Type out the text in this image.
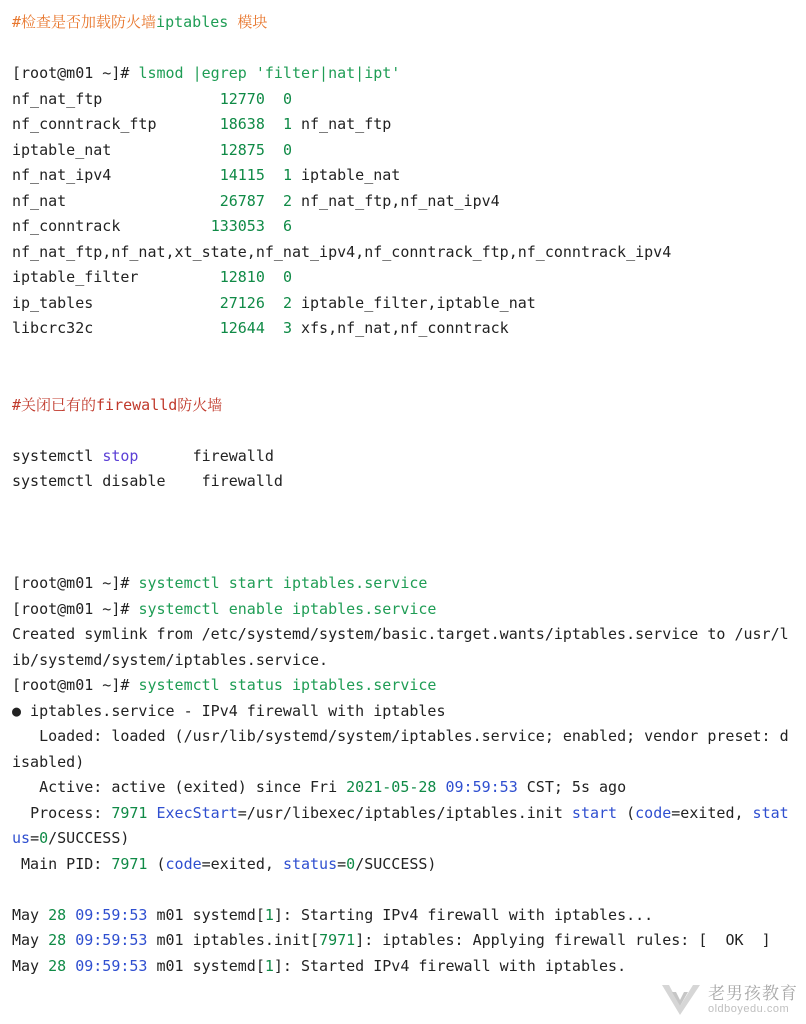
#检查是否加载防火墙iptables 模块

[root@m01 ~]# lsmod |egrep 'filter|nat|ipt'
nf_nat_ftp	12770 0
nf_conntrack_ftp	18638 1 nf_nat_ftp
iptable_nat	12875 0
nf_nat_ipv4	14115 1 iptable_nat
nf_nat	26787 2 nf_nat_ftp,nf_nat_ipv4
nf_conntrack	133053 6
nf_nat_ftp,nf_nat,xt_state,nf_nat_ipv4,nf_conntrack_ftp,nf_conntrack_ipv4
iptable_filter	12810 0
ip_tables	27126 2 iptable_filter,iptable_nat
libcrc32c	12644 3 xfs,nf_nat,nf_conntrack

#关闭已有的firewalld防火墙

systemctl stop      firewalld
systemctl disable    firewalld

[root@m01 ~]# systemctl start iptables.service
[root@m01 ~]# systemctl enable iptables.service
Created symlink from /etc/systemd/system/basic.target.wants/iptables.service to /usr/lib/systemd/system/iptables.service.
[root@m01 ~]# systemctl status iptables.service
● iptables.service - IPv4 firewall with iptables
Loaded: loaded (/usr/lib/systemd/system/iptables.service; enabled; vendor preset: disabled)
Active: active (exited) since Fri 2021-05-28 09:59:53 CST; 5s ago
Process: 7971 ExecStart=/usr/libexec/iptables/iptables.init start (code=exited, status=0/SUCCESS)
Main PID: 7971 (code=exited, status=0/SUCCESS)

May 28 09:59:53 m01 systemd[1]: Starting IPv4 firewall with iptables...
May 28 09:59:53 m01 iptables.init[7971]: iptables: Applying firewall rules: [  OK  ]
May 28 09:59:53 m01 systemd[1]: Started IPv4 firewall with iptables.
老男孩教育
oldboyedu.com
